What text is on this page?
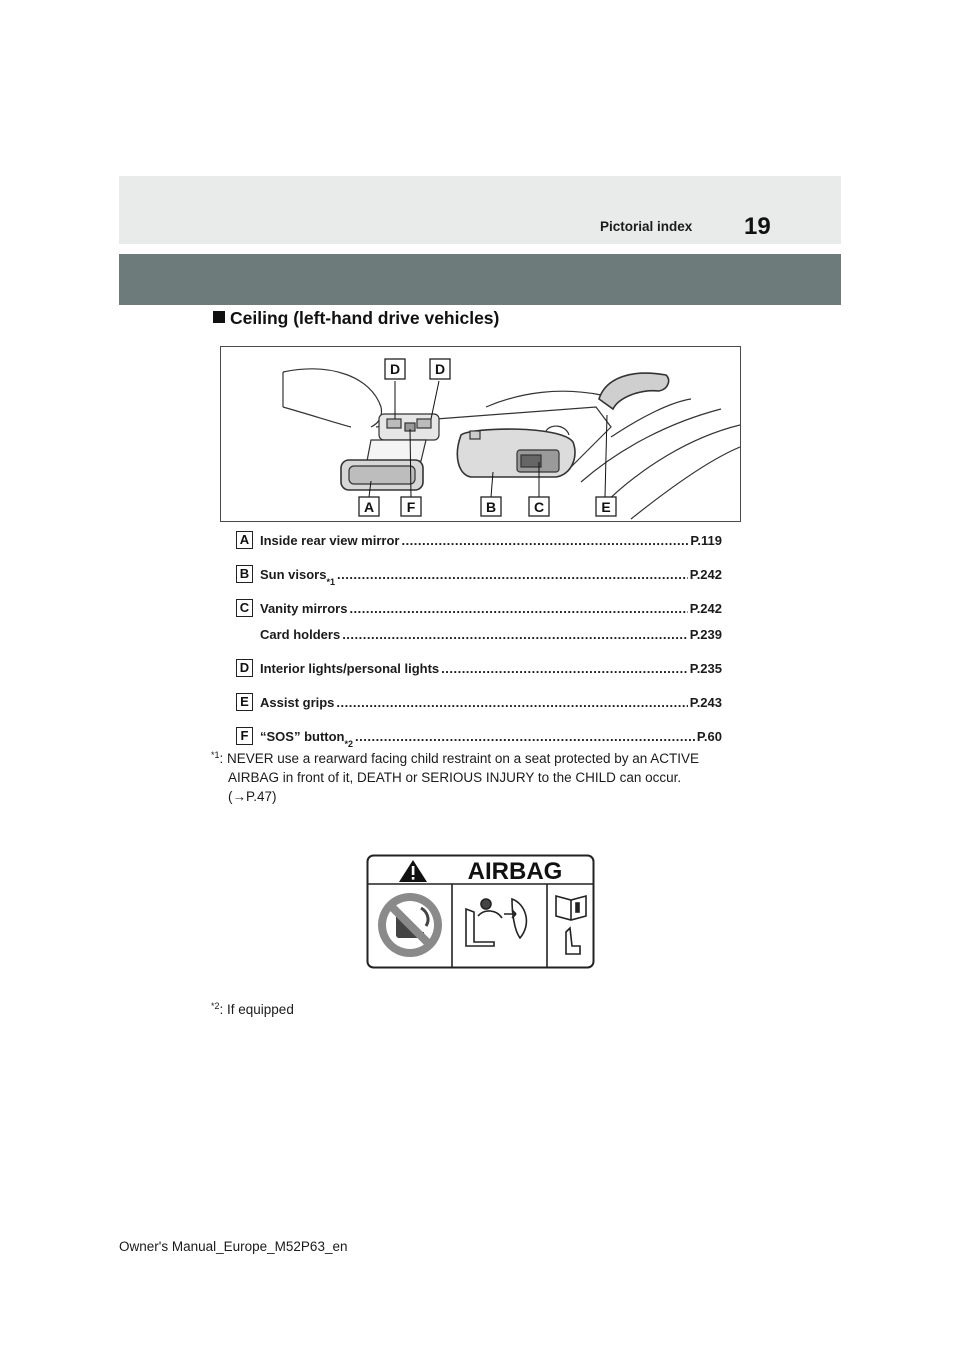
Pictorial index 19
Ceiling (left-hand drive vehicles)
D D
A F	B	C	E
A Inside rear view mirror .....	P.119
B Sun visors *1 .....	P.242
C Vanity mirrors .....	P.242
Card holders .....	P.239
D Interior lights/personal lights .....	P.235
E Assist grips .....	P.243
F “SOS” button *2 .....	P.60
$^{*1}$: NEVER use a rearward facing child restraint on a seat protected by an ACTIVE
AIRBAG in front of it, DEATH or SERIOUS INJURY to the CHILD can occur.
(→P.47)
AIRBAG
$^{*2}$: If equipped
Owner's Manual_Europe_M52P63_en
